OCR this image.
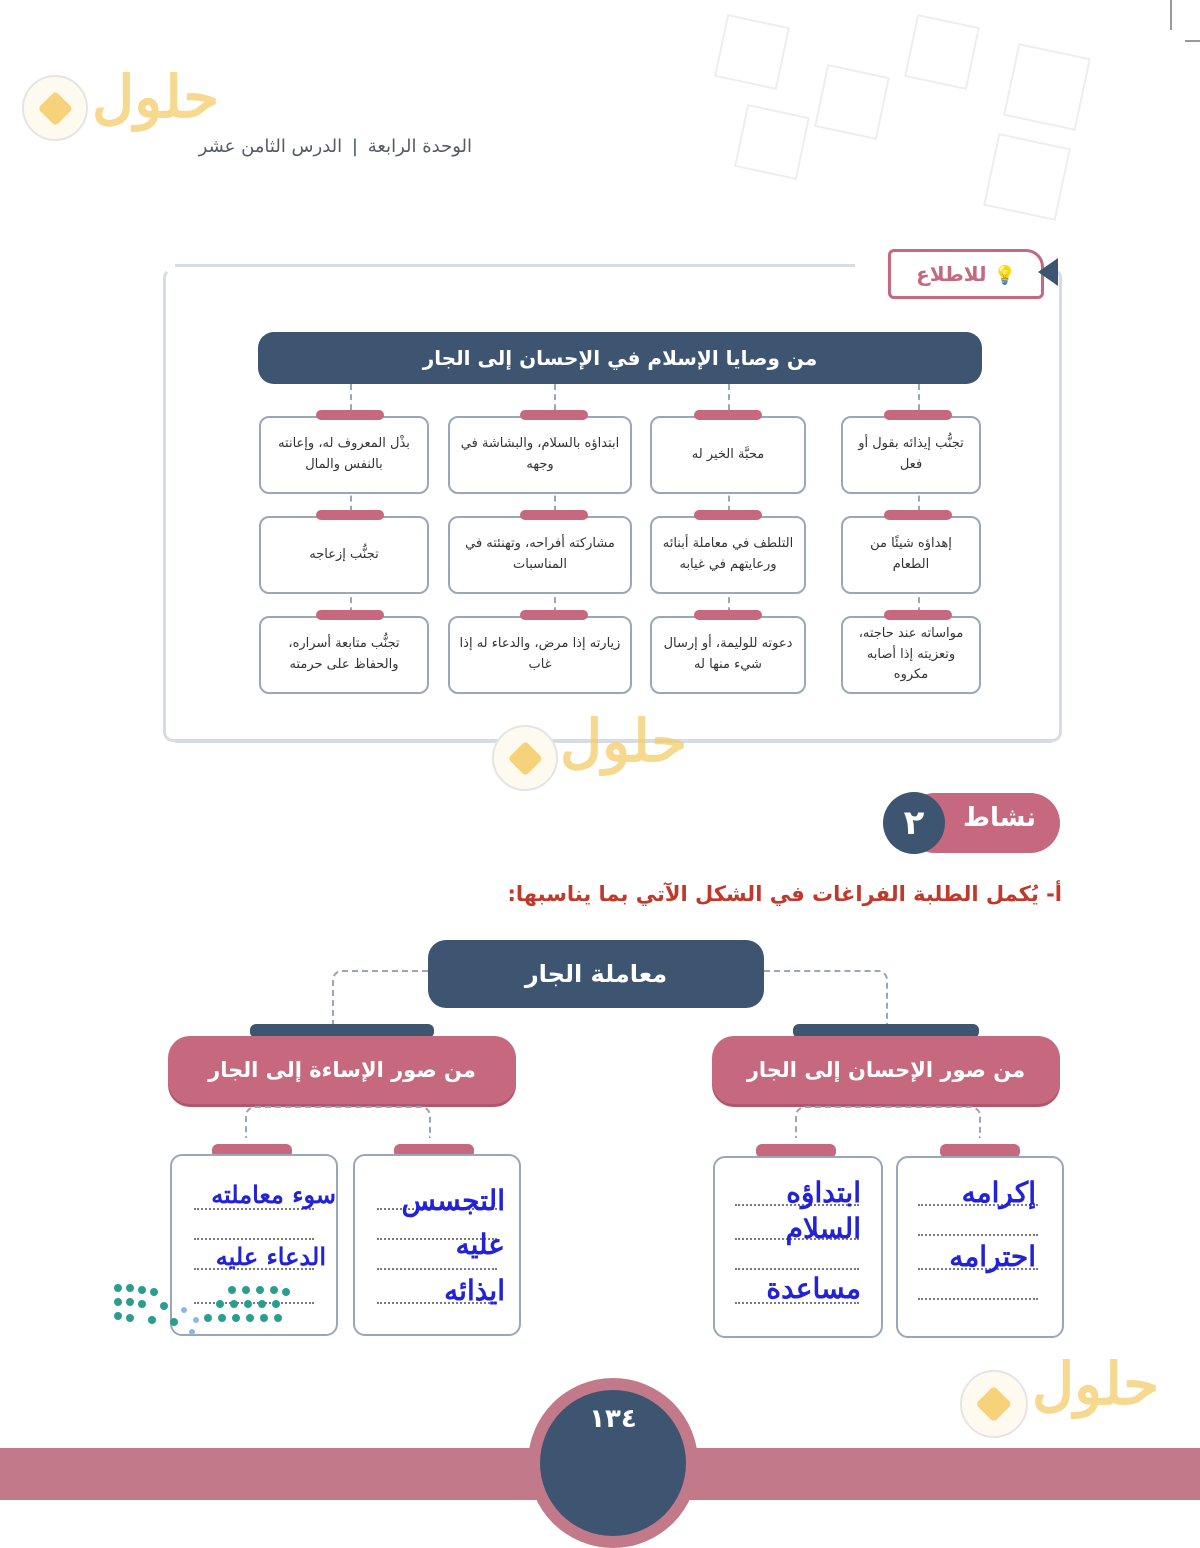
حلول
الوحدة الرابعة | الدرس الثامن عشر
💡 للاطلاع
من وصايا الإسلام في الإحسان إلى الجار
تجنُّب إيذائه بقول أو فعل
محبَّة الخير له
ابتداؤه بالسلام، والبشاشة في وجهه
بذْل المعروف له، وإعانته بالنفس والمال
إهداؤه شيئًا من الطعام
التلطف في معاملة أبنائه ورعايتهم في غيابه
مشاركته أفراحه، وتهنئته في المناسبات
تجنُّب إزعاجه
مواساته عند حاجته، وتعزيته إذا أصابه مكروه
دعوته للوليمة، أو إرسال شيء منها له
زيارته إذا مرض، والدعاء له إذا غاب
تجنُّب متابعة أسراره، والحفاظ على حرمته
حلول
نشاط
٢
أ- يُكمل الطلبة الفراغات في الشكل الآتي بما يناسبها:
معاملة الجار
من صور الإحسان إلى الجار
من صور الإساءة إلى الجار
إكرامه
احترامه
ابتداؤه
السلام
مساعدة
التجسس
عليه
ايذائه
سوء معاملته
الدعاء عليه
١٣٤
حلول
